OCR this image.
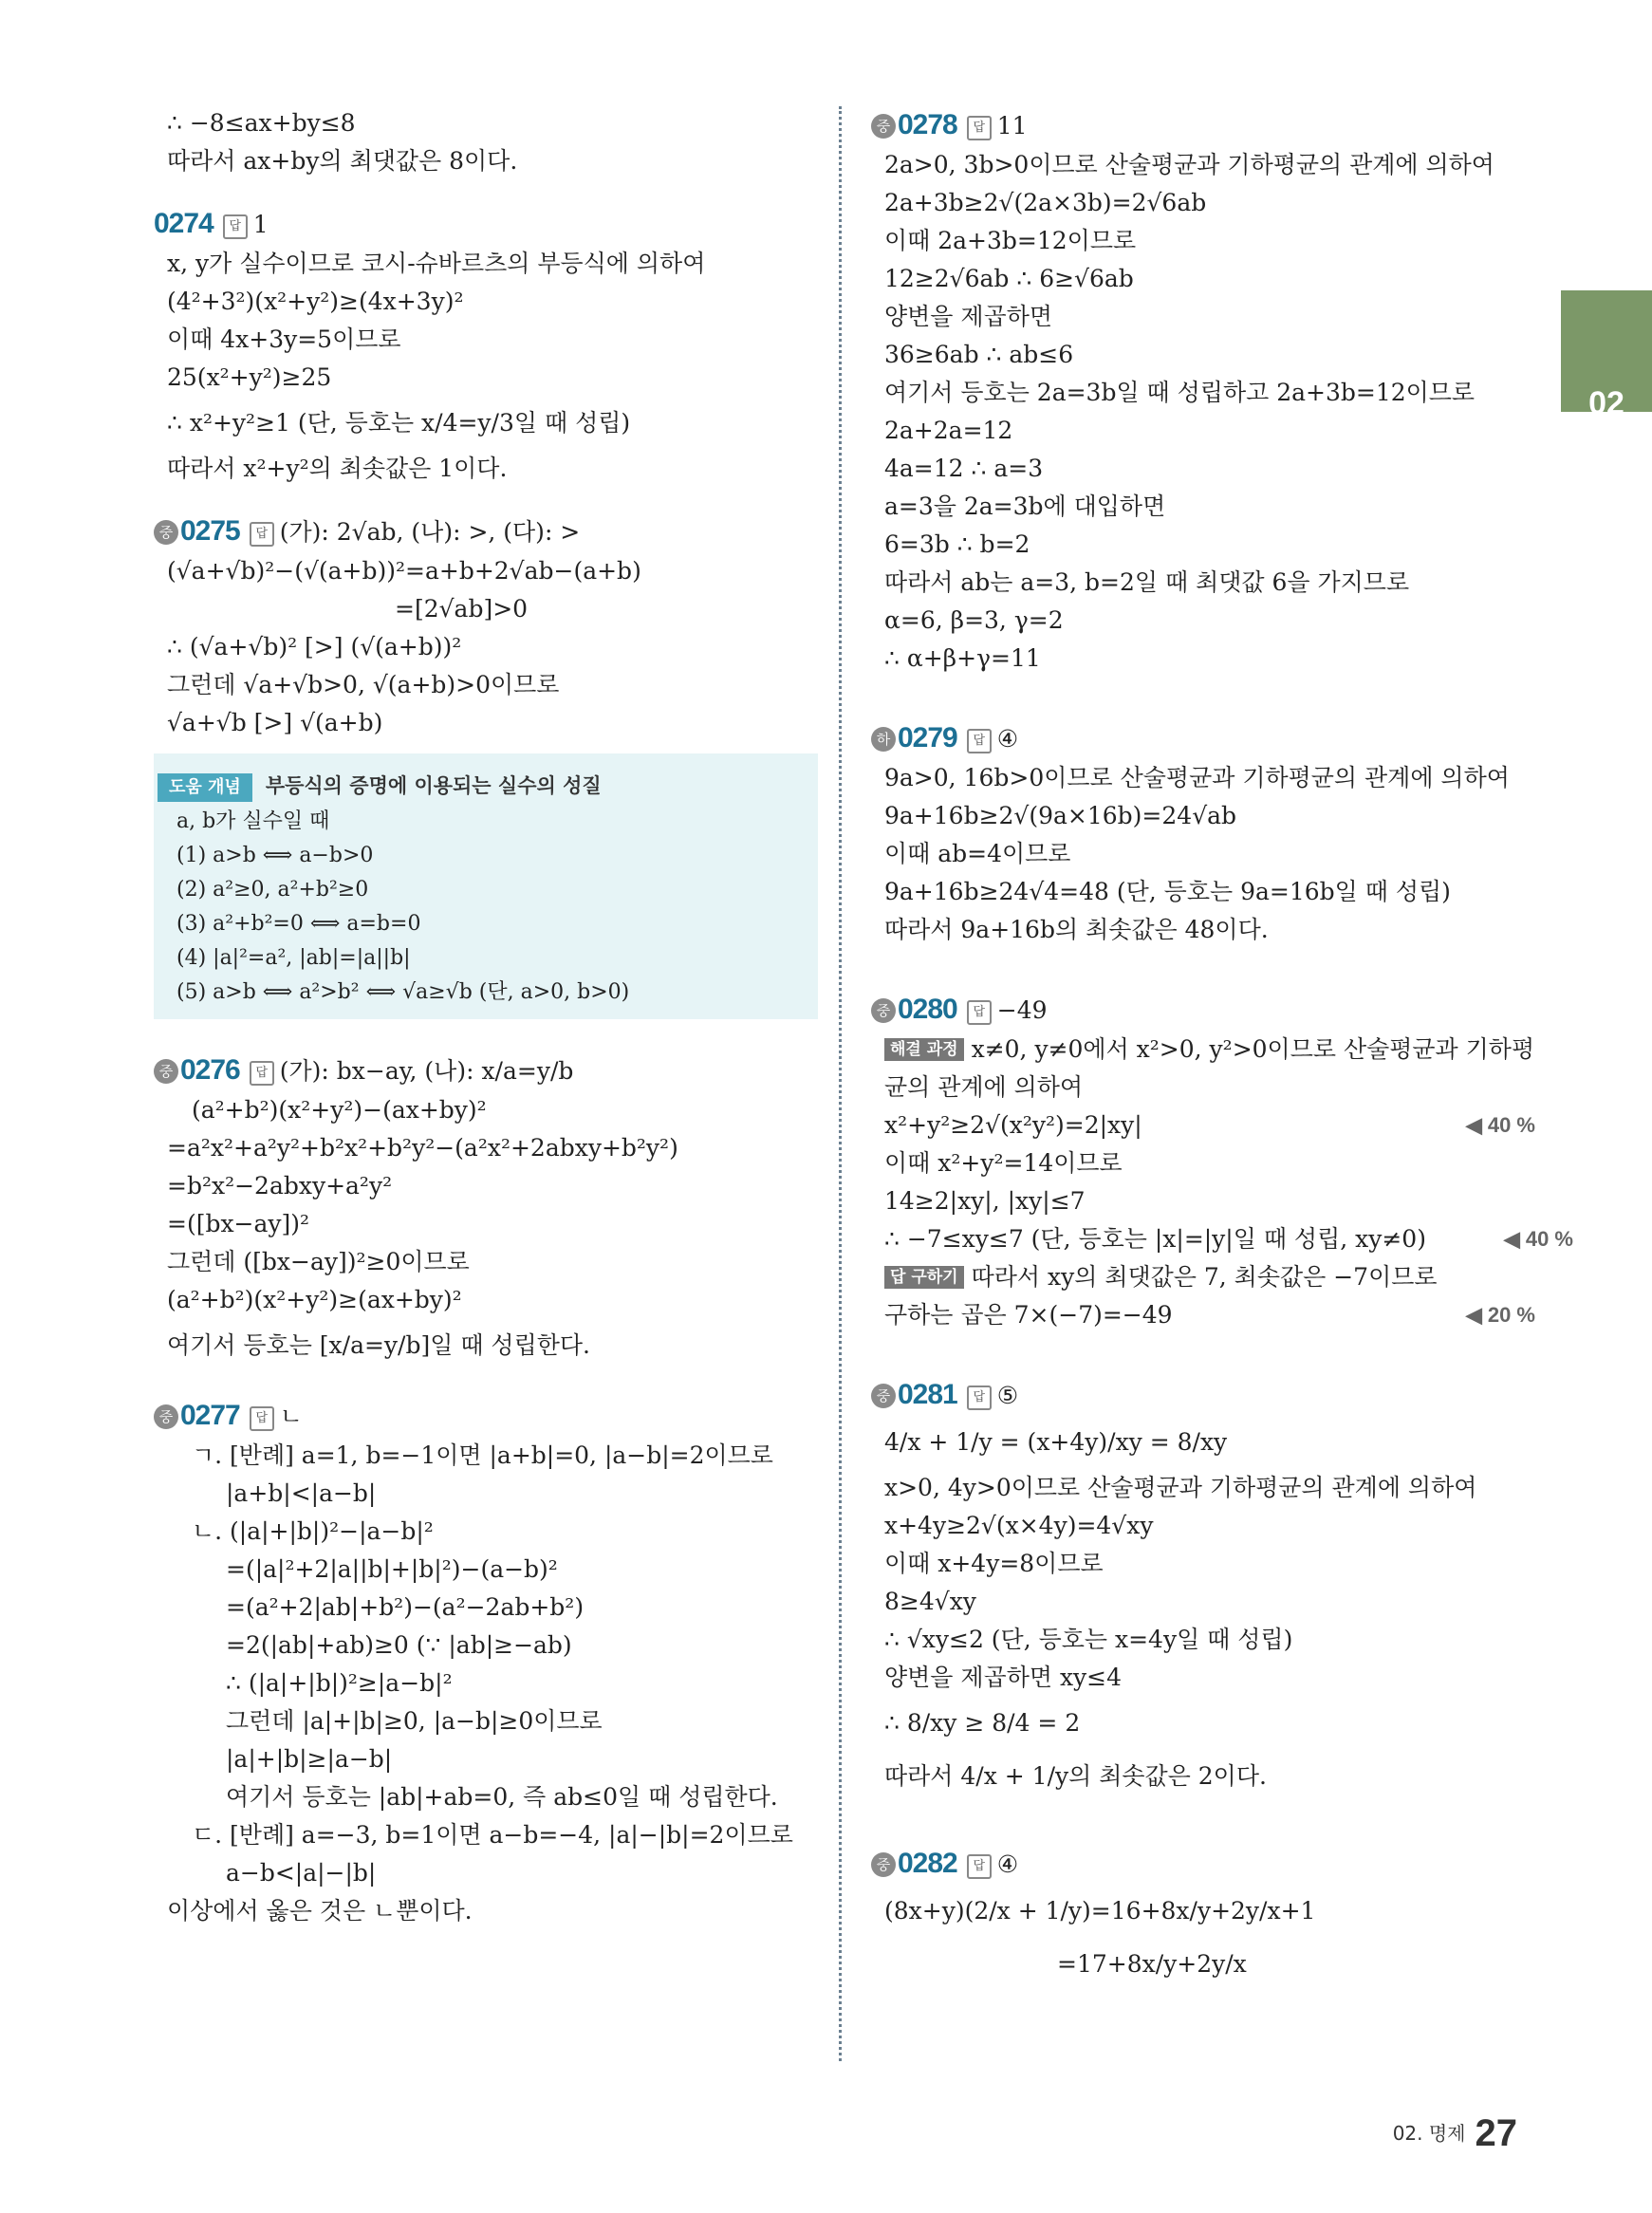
02
∴ −8≤ax+by≤8
따라서 ax+by의 최댓값은 8이다.
0274 답 1
x, y가 실수이므로 코시-슈바르츠의 부등식에 의하여
(4²+3²)(x²+y²)≥(4x+3y)²
이때 4x+3y=5이므로
25(x²+y²)≥25
∴ x²+y²≥1 (단, 등호는 x/4=y/3일 때 성립)
따라서 x²+y²의 최솟값은 1이다.
중 0275 답 (가): 2√ab, (나): >, (다): >
(√a+√b)²−(√(a+b))²=a+b+2√ab−(a+b)
=[2√ab]>0
∴ (√a+√b)² [>] (√(a+b))²
그런데 √a+√b>0, √(a+b)>0이므로
√a+√b [>] √(a+b)
도움 개념 부등식의 증명에 이용되는 실수의 성질
a, b가 실수일 때
(1) a>b ⟺ a−b>0
(2) a²≥0, a²+b²≥0
(3) a²+b²=0 ⟺ a=b=0
(4) |a|²=a², |ab|=|a||b|
(5) a>b ⟺ a²>b² ⟺ √a≥√b (단, a>0, b>0)
중 0276 답 (가): bx−ay, (나): x/a=y/b
(a²+b²)(x²+y²)−(ax+by)²
=a²x²+a²y²+b²x²+b²y²−(a²x²+2abxy+b²y²)
=b²x²−2abxy+a²y²
=([bx−ay])²
그런데 ([bx−ay])²≥0이므로
(a²+b²)(x²+y²)≥(ax+by)²
여기서 등호는 [x/a=y/b]일 때 성립한다.
중 0277 답 ㄴ
ㄱ. [반례] a=1, b=−1이면 |a+b|=0, |a−b|=2이므로
|a+b|<|a−b|
ㄴ. (|a|+|b|)²−|a−b|²
=(|a|²+2|a||b|+|b|²)−(a−b)²
=(a²+2|ab|+b²)−(a²−2ab+b²)
=2(|ab|+ab)≥0 (∵ |ab|≥−ab)
∴ (|a|+|b|)²≥|a−b|²
그런데 |a|+|b|≥0, |a−b|≥0이므로
|a|+|b|≥|a−b|
여기서 등호는 |ab|+ab=0, 즉 ab≤0일 때 성립한다.
ㄷ. [반례] a=−3, b=1이면 a−b=−4, |a|−|b|=2이므로
a−b<|a|−|b|
이상에서 옳은 것은 ㄴ뿐이다.
중 0278 답 11
2a>0, 3b>0이므로 산술평균과 기하평균의 관계에 의하여
2a+3b≥2√(2a×3b)=2√6ab
이때 2a+3b=12이므로
12≥2√6ab ∴ 6≥√6ab
양변을 제곱하면
36≥6ab ∴ ab≤6
여기서 등호는 2a=3b일 때 성립하고 2a+3b=12이므로
2a+2a=12
4a=12 ∴ a=3
a=3을 2a=3b에 대입하면
6=3b ∴ b=2
따라서 ab는 a=3, b=2일 때 최댓값 6을 가지므로
α=6, β=3, γ=2
∴ α+β+γ=11
하 0279 답 ④
9a>0, 16b>0이므로 산술평균과 기하평균의 관계에 의하여
9a+16b≥2√(9a×16b)=24√ab
이때 ab=4이므로
9a+16b≥24√4=48 (단, 등호는 9a=16b일 때 성립)
따라서 9a+16b의 최솟값은 48이다.
중 0280 답 −49
해결 과정 x≠0, y≠0에서 x²>0, y²>0이므로 산술평균과 기하평
균의 관계에 의하여
x²+y²≥2√(x²y²)=2|xy|	◀ 40 %
이때 x²+y²=14이므로
14≥2|xy|, |xy|≤7
∴ −7≤xy≤7 (단, 등호는 |x|=|y|일 때 성립, xy≠0)	◀ 40 %
답 구하기 따라서 xy의 최댓값은 7, 최솟값은 −7이므로
구하는 곱은 7×(−7)=−49	◀ 20 %
중 0281 답 ⑤
4/x + 1/y = (x+4y)/xy = 8/xy
x>0, 4y>0이므로 산술평균과 기하평균의 관계에 의하여
x+4y≥2√(x×4y)=4√xy
이때 x+4y=8이므로
8≥4√xy
∴ √xy≤2 (단, 등호는 x=4y일 때 성립)
양변을 제곱하면 xy≤4
∴ 8/xy ≥ 8/4 = 2
따라서 4/x + 1/y의 최솟값은 2이다.
중 0282 답 ④
(8x+y)(2/x + 1/y)=16+8x/y+2y/x+1
=17+8x/y+2y/x
02. 명제 27
